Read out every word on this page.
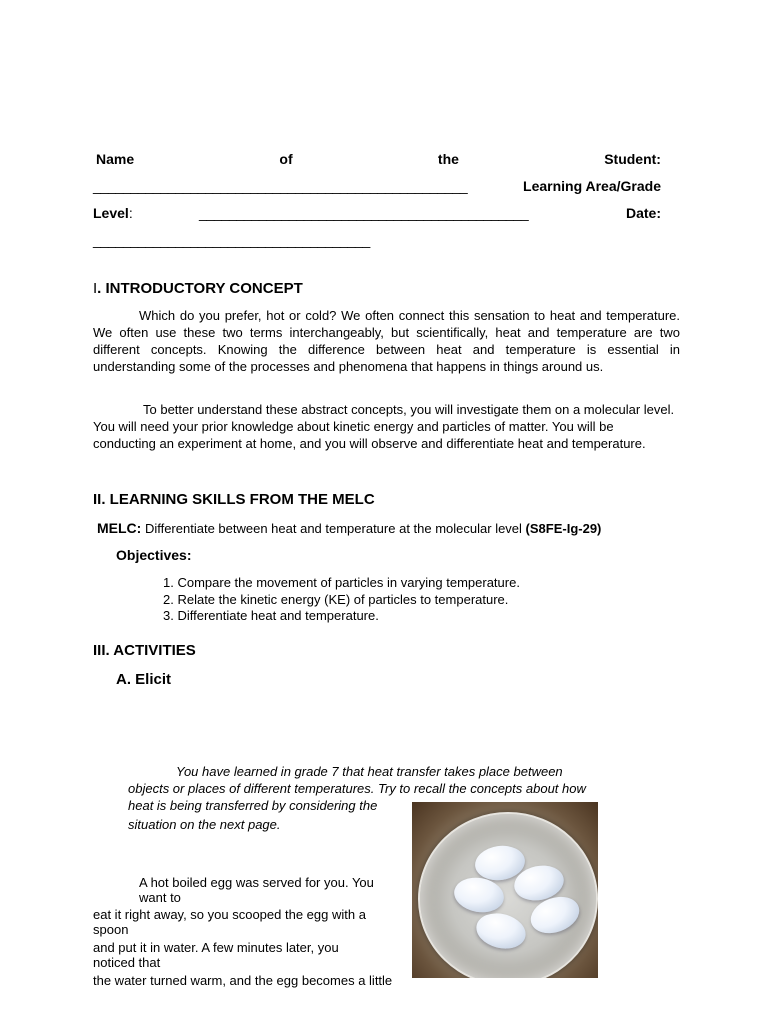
Name	of	the	Student:
__________________________________________________	Learning Area/Grade
Level:	____________________________________________	Date:
_____________________________________
I. INTRODUCTORY CONCEPT
Which do you prefer, hot or cold? We often connect this sensation to heat and temperature. We often use these two terms interchangeably, but scientifically, heat and temperature are two different concepts. Knowing the difference between heat and temperature is essential in understanding some of the processes and phenomena that happens in things around us.
To better understand these abstract concepts, you will investigate them on a molecular level. You will need your prior knowledge about kinetic energy and particles of matter. You will be conducting an experiment at home, and you will observe and differentiate heat and temperature.
II. LEARNING SKILLS FROM THE MELC
MELC: Differentiate between heat and temperature at the molecular level (S8FE-Ig-29)
Objectives:
1. Compare the movement of particles in varying temperature.
2. Relate the kinetic energy (KE) of particles to temperature.
3. Differentiate heat and temperature.
III. ACTIVITIES
A. Elicit
You have learned in grade 7 that heat transfer takes place between
objects or places of different temperatures. Try to recall the concepts about how
heat is being transferred by considering the
situation on the next page.
A hot boiled egg was served for you. You
want to
eat it right away, so you scooped the egg with a
spoon
and put it in water. A few minutes later, you
noticed that
the water turned warm, and the egg becomes a little
